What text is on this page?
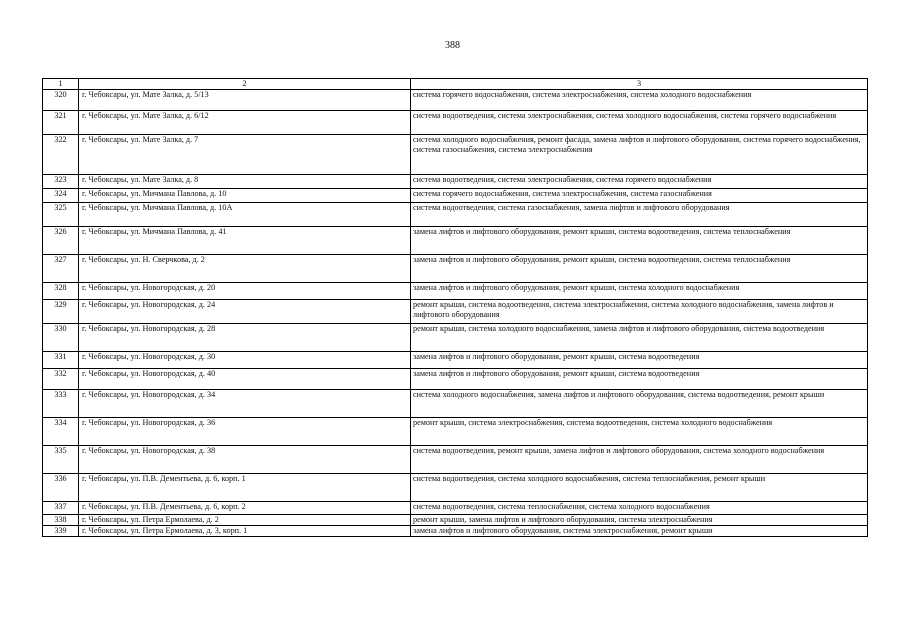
388
1	2	3
320	г. Чебоксары, ул. Мате Залка, д. 5/13	система горячего водоснабжения, система электроснабжения, система холодного водоснабжения
321	г. Чебоксары, ул. Мате Залка, д. 6/12	система водоотведения, система электроснабжения, система холодного водоснабжения, система горячего водоснабжения
322	г. Чебоксары, ул. Мате Залка, д. 7	система холодного водоснабжения, ремонт фасада, замена лифтов и лифтового оборудования, система горячего водоснабжения, система газоснабжения, система электроснабжения
323	г. Чебоксары, ул. Мате Залка, д. 8	система водоотведения, система электроснабжения, система горячего водоснабжения
324	г. Чебоксары, ул. Мичмана Павлова, д. 10	система горячего водоснабжения, система электроснабжения, система газоснабжения
325	г. Чебоксары, ул. Мичмана Павлова, д. 10А	система водоотведения, система газоснабжения, замена лифтов и лифтового оборудования
326	г. Чебоксары, ул. Мичмана Павлова, д. 41	замена лифтов и лифтового оборудования, ремонт крыши, система водоотведения, система теплоснабжения
327	г. Чебоксары, ул. Н. Сверчкова, д. 2	замена лифтов и лифтового оборудования, ремонт крыши, система водоотведения, система теплоснабжения
328	г. Чебоксары, ул. Новогородская, д. 20	замена лифтов и лифтового оборудования, ремонт крыши, система холодного водоснабжения
329	г. Чебоксары, ул. Новогородская, д. 24	ремонт крыши, система водоотведения, система электроснабжения, система холодного водоснабжения, замена лифтов и лифтового оборудования
330	г. Чебоксары, ул. Новогородская, д. 28	ремонт крыши, система холодного водоснабжения, замена лифтов и лифтового оборудования, система водоотведения
331	г. Чебоксары, ул. Новогородская, д. 30	замена лифтов и лифтового оборудования, ремонт крыши, система водоотведения
332	г. Чебоксары, ул. Новогородская, д. 40	замена лифтов и лифтового оборудования, ремонт крыши, система водоотведения
333	г. Чебоксары, ул. Новогородская, д. 34	система холодного водоснабжения, замена лифтов и лифтового оборудования, система водоотведения, ремонт крыши
334	г. Чебоксары, ул. Новогородская, д. 36	ремонт крыши, система электроснабжения, система водоотведения, система холодного водоснабжения
335	г. Чебоксары, ул. Новогородская, д. 38	система водоотведения, ремонт крыши, замена лифтов и лифтового оборудования, система холодного водоснабжения
336	г. Чебоксары, ул. П.В. Дементьева, д. 6, корп. 1	система водоотведения, система холодного водоснабжения, система теплоснабжения, ремонт крыши
337	г. Чебоксары, ул. П.В. Дементьева, д. 6, корп. 2	система водоотведения, система теплоснабжения, система холодного водоснабжения
338	г. Чебоксары, ул. Петра Ермолаева, д. 2	ремонт крыши, замена лифтов и лифтового оборудования, система электроснабжения
339	г. Чебоксары, ул. Петра Ермолаева, д. 3, корп. 1	замена лифтов и лифтового оборудования, система электроснабжения, ремонт крыши
